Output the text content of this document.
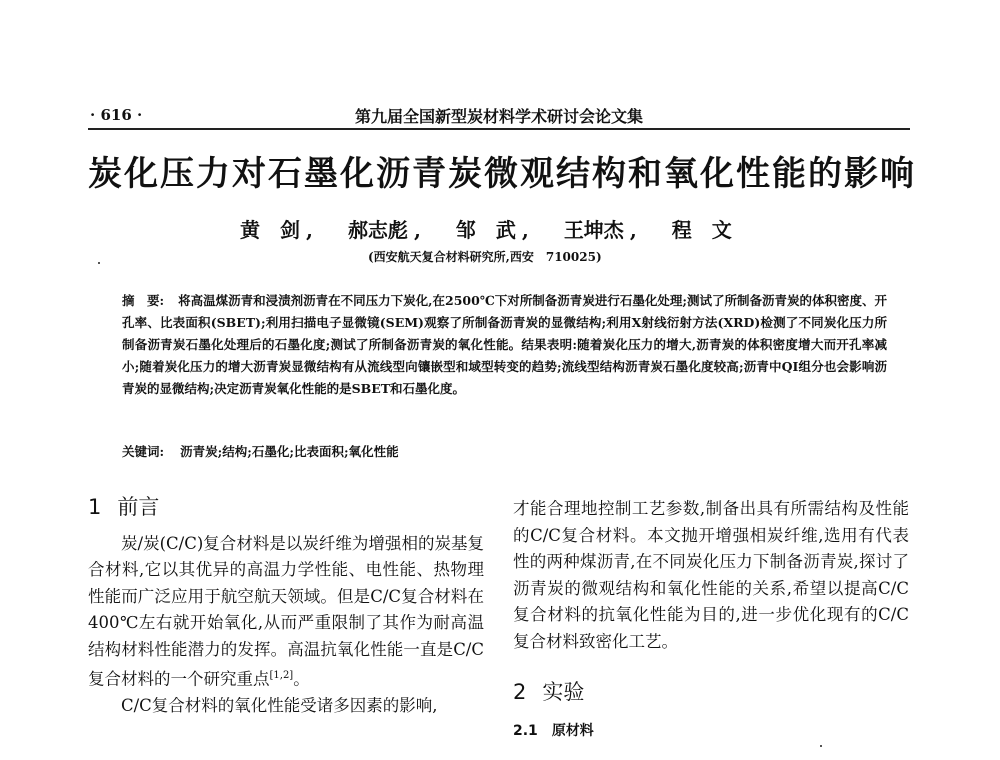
· 616 ·	第九届全国新型炭材料学术研讨会论文集
炭化压力对石墨化沥青炭微观结构和氧化性能的影响
黄　剑 , 郝志彪 , 邹　武 , 王坤杰 , 程　文
(西安航天复合材料研究所,西安　710025)
摘　要: 将高温煤沥青和浸渍剂沥青在不同压力下炭化,在2500℃下对所制备沥青炭进行石墨化处理;测试了所制备沥青炭的体积密度、开孔率、比表面积(SBET);利用扫描电子显微镜(SEM)观察了所制备沥青炭的显微结构;利用X射线衍射方法(XRD)检测了不同炭化压力所制备沥青炭石墨化处理后的石墨化度;测试了所制备沥青炭的氧化性能。结果表明:随着炭化压力的增大,沥青炭的体积密度增大而开孔率减小;随着炭化压力的增大沥青炭显微结构有从流线型向镶嵌型和域型转变的趋势;流线型结构沥青炭石墨化度较高;沥青中QI组分也会影响沥青炭的显微结构;决定沥青炭氧化性能的是SBET和石墨化度。
关键词: 沥青炭;结构;石墨化;比表面积;氧化性能
1 前言

炭/炭(C/C)复合材料是以炭纤维为增强相的炭基复合材料,它以其优异的高温力学性能、电性能、热物理性能而广泛应用于航空航天领域。但是C/C复合材料在400℃左右就开始氧化,从而严重限制了其作为耐高温结构材料性能潜力的发挥。高温抗氧化性能一直是C/C复合材料的一个研究重点[1,2]。

C/C复合材料的氧化性能受诸多因素的影响,

才能合理地控制工艺参数,制备出具有所需结构及性能的C/C复合材料。本文抛开增强相炭纤维,选用有代表性的两种煤沥青,在不同炭化压力下制备沥青炭,探讨了沥青炭的微观结构和氧化性能的关系,希望以提高C/C复合材料的抗氧化性能为目的,进一步优化现有的C/C复合材料致密化工艺。

2 实验
2.1 原材料
